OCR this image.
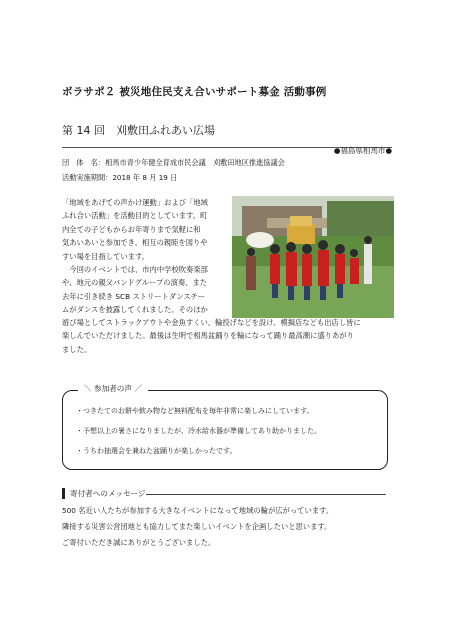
ボラサポ２ 被災地住民支え合いサポート募金 活動事例
第 14 回　刈敷田ふれあい広場
●福島県相馬市●
団　体　名：相馬市青少年健全育成市民会議　刈敷田地区推進協議会
活動実施期間：2018 年 8 月 19 日
「地域をあげての声かけ運動」および「地域
ふれ合い活動」を活動目的としています。町
内全ての子どもからお年寄りまで気軽に和
気あいあいと参加でき、相互の親睦を図りや
すい場を目指しています。
　今回のイベントでは、市内中学校吹奏楽部
や、地元の親父バンドグループの演奏、また
去年に引き続き SCB ストリートダンスチー
ムがダンスを披露してくれました。そのほか
遊び場としてストラックアウトや金魚すくい、輪投げなどを設け、模擬店なども出店し皆に
楽しんでいただけました。最後は生明で相馬盆踊りを輪になって踊り最高潮に盛りあがり
ました。
＼ 参加者の声 ／
・つきたてのお餅や飲み物など無料配布を毎年非常に楽しみにしています。
・予想以上の暑さになりましたが、冷水給水器が準備してあり助かりました。
・うちわ抽選会を兼ねた盆踊りが楽しかったです。
寄付者へのメッセージ
500 名近い人たちが参加する大きなイベントになって地域の輪が広がっています。
隣接する災害公営団地とも協力してまた楽しいイベントを企画したいと思います。
ご寄付いただき誠にありがとうございました。
